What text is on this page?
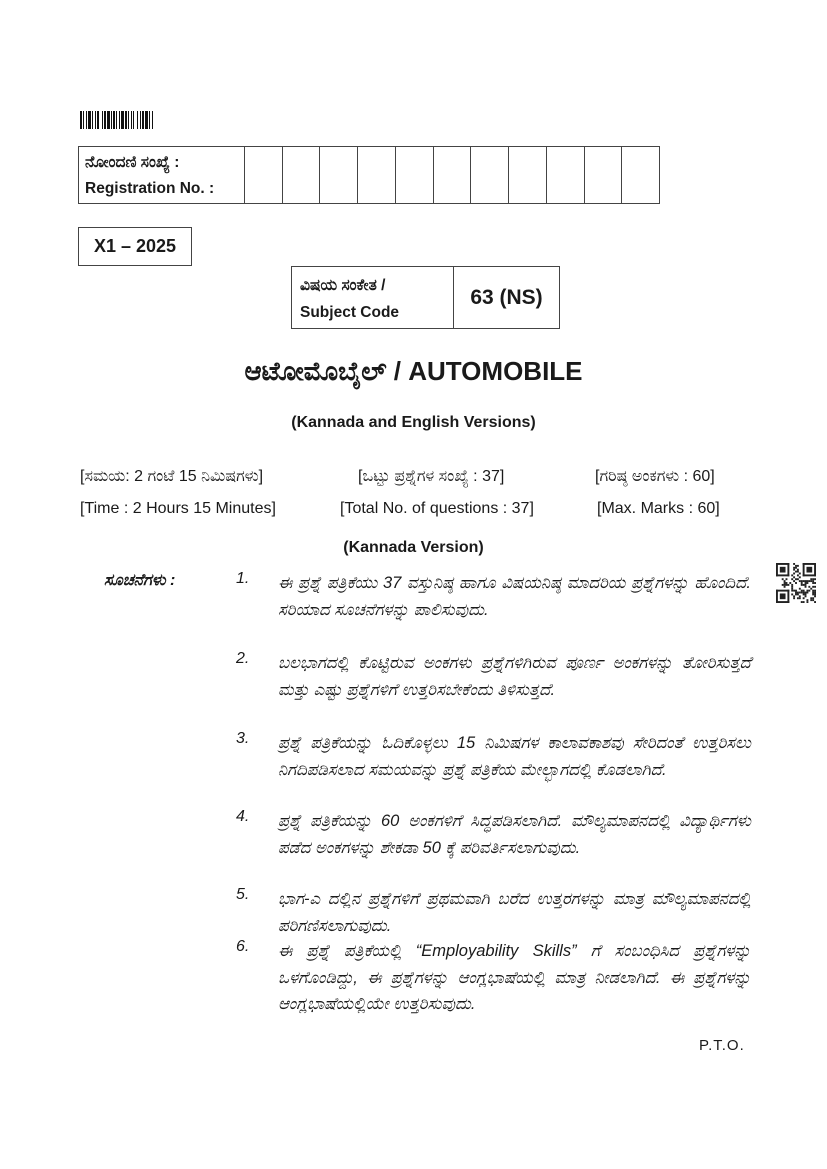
ನೋಂದಣಿ ಸಂಖ್ಯೆ :
Registration No. :
X1 – 2025
ವಿಷಯ ಸಂಕೇತ /
Subject Code
63 (NS)
ಆಟೋಮೊಬೈಲ್ / AUTOMOBILE
(Kannada and English Versions)
[ಸಮಯ: 2 ಗಂಟೆ 15 ನಿಮಿಷಗಳು]	[ಒಟ್ಟು ಪ್ರಶ್ನೆಗಳ ಸಂಖ್ಯೆ : 37]	[ಗರಿಷ್ಠ ಅಂಕಗಳು : 60]
[Time : 2 Hours 15 Minutes]	[Total No. of questions : 37]	[Max. Marks : 60]
(Kannada Version)
ಸೂಚನೆಗಳು :	1. ಈ ಪ್ರಶ್ನೆ ಪತ್ರಿಕೆಯು 37 ವಸ್ತುನಿಷ್ಠ ಹಾಗೂ ವಿಷಯನಿಷ್ಠ ಮಾದರಿಯ ಪ್ರಶ್ನೆಗಳನ್ನು ಹೊಂದಿದೆ. ಸರಿಯಾದ ಸೂಚನೆಗಳನ್ನು ಪಾಲಿಸುವುದು.
2. ಬಲಭಾಗದಲ್ಲಿ ಕೊಟ್ಟಿರುವ ಅಂಕಗಳು ಪ್ರಶ್ನೆಗಳಿಗಿರುವ ಪೂರ್ಣ ಅಂಕಗಳನ್ನು ತೋರಿಸುತ್ತದೆ ಮತ್ತು ಎಷ್ಟು ಪ್ರಶ್ನೆಗಳಿಗೆ ಉತ್ತರಿಸಬೇಕೆಂದು ತಿಳಿಸುತ್ತದೆ.
3. ಪ್ರಶ್ನೆ ಪತ್ರಿಕೆಯನ್ನು ಓದಿಕೊಳ್ಳಲು 15 ನಿಮಿಷಗಳ ಕಾಲಾವಕಾಶವು ಸೇರಿದಂತೆ ಉತ್ತರಿಸಲು ನಿಗದಿಪಡಿಸಲಾದ ಸಮಯವನ್ನು ಪ್ರಶ್ನೆ ಪತ್ರಿಕೆಯ ಮೇಲ್ಭಾಗದಲ್ಲಿ ಕೊಡಲಾಗಿದೆ.
4. ಪ್ರಶ್ನೆ ಪತ್ರಿಕೆಯನ್ನು 60 ಅಂಕಗಳಿಗೆ ಸಿದ್ಧಪಡಿಸಲಾಗಿದೆ. ಮೌಲ್ಯಮಾಪನದಲ್ಲಿ ವಿದ್ಯಾರ್ಥಿಗಳು ಪಡೆದ ಅಂಕಗಳನ್ನು ಶೇಕಡಾ 50 ಕ್ಕೆ ಪರಿವರ್ತಿಸಲಾಗುವುದು.
5. ಭಾಗ-ಎ ದಲ್ಲಿನ ಪ್ರಶ್ನೆಗಳಿಗೆ ಪ್ರಥಮವಾಗಿ ಬರೆದ ಉತ್ತರಗಳನ್ನು ಮಾತ್ರ ಮೌಲ್ಯಮಾಪನದಲ್ಲಿ ಪರಿಗಣಿಸಲಾಗುವುದು.
6. ಈ ಪ್ರಶ್ನೆ ಪತ್ರಿಕೆಯಲ್ಲಿ “Employability Skills” ಗೆ ಸಂಬಂಧಿಸಿದ ಪ್ರಶ್ನೆಗಳನ್ನು ಒಳಗೊಂಡಿದ್ದು, ಈ ಪ್ರಶ್ನೆಗಳನ್ನು ಆಂಗ್ಲಭಾಷೆಯಲ್ಲಿ ಮಾತ್ರ ನೀಡಲಾಗಿದೆ. ಈ ಪ್ರಶ್ನೆಗಳನ್ನು ಆಂಗ್ಲಭಾಷೆಯಲ್ಲಿಯೇ ಉತ್ತರಿಸುವುದು.
P.T.O.
